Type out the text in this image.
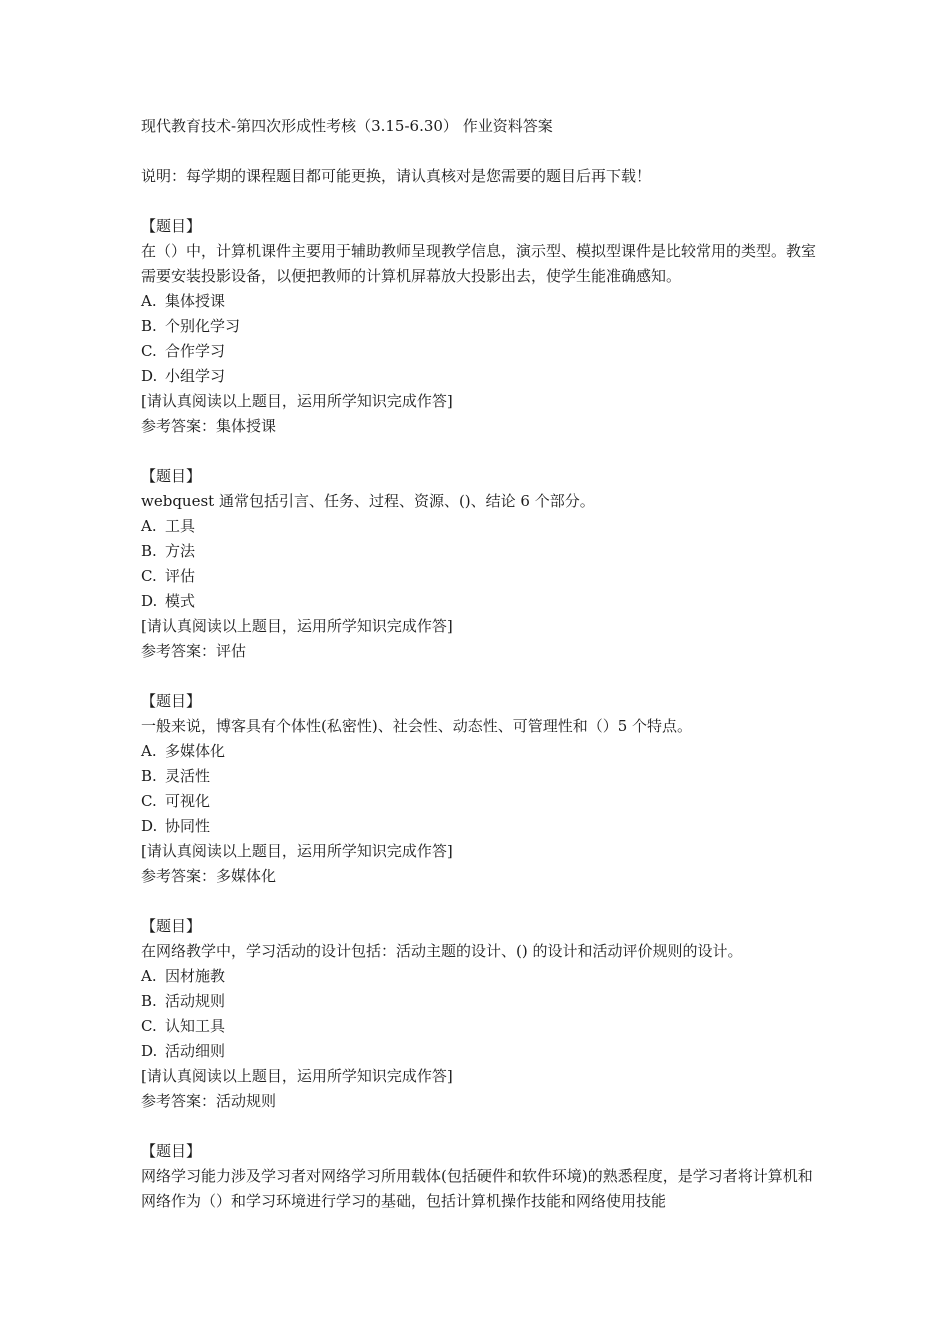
现代教育技术-第四次形成性考核（3.15-6.30） 作业资料答案
说明：每学期的课程题目都可能更换，请认真核对是您需要的题目后再下载！
【题目】
在（）中，计算机课件主要用于辅助教师呈现教学信息，演示型、模拟型课件是比较常用的类型。教室需要安装投影设备，以便把教师的计算机屏幕放大投影出去，使学生能准确感知。
A. 集体授课
B. 个别化学习
C. 合作学习
D. 小组学习
[请认真阅读以上题目，运用所学知识完成作答]
参考答案：集体授课
【题目】
webquest 通常包括引言、任务、过程、资源、()、结论 6 个部分。
A. 工具
B. 方法
C. 评估
D. 模式
[请认真阅读以上题目，运用所学知识完成作答]
参考答案：评估
【题目】
一般来说，博客具有个体性(私密性)、社会性、动态性、可管理性和（）5 个特点。
A. 多媒体化
B. 灵活性
C. 可视化
D. 协同性
[请认真阅读以上题目，运用所学知识完成作答]
参考答案：多媒体化
【题目】
在网络教学中，学习活动的设计包括：活动主题的设计、() 的设计和活动评价规则的设计。
A. 因材施教
B. 活动规则
C. 认知工具
D. 活动细则
[请认真阅读以上题目，运用所学知识完成作答]
参考答案：活动规则
【题目】
网络学习能力涉及学习者对网络学习所用载体(包括硬件和软件环境)的熟悉程度，是学习者将计算机和网络作为（）和学习环境进行学习的基础，包括计算机操作技能和网络使用技能
